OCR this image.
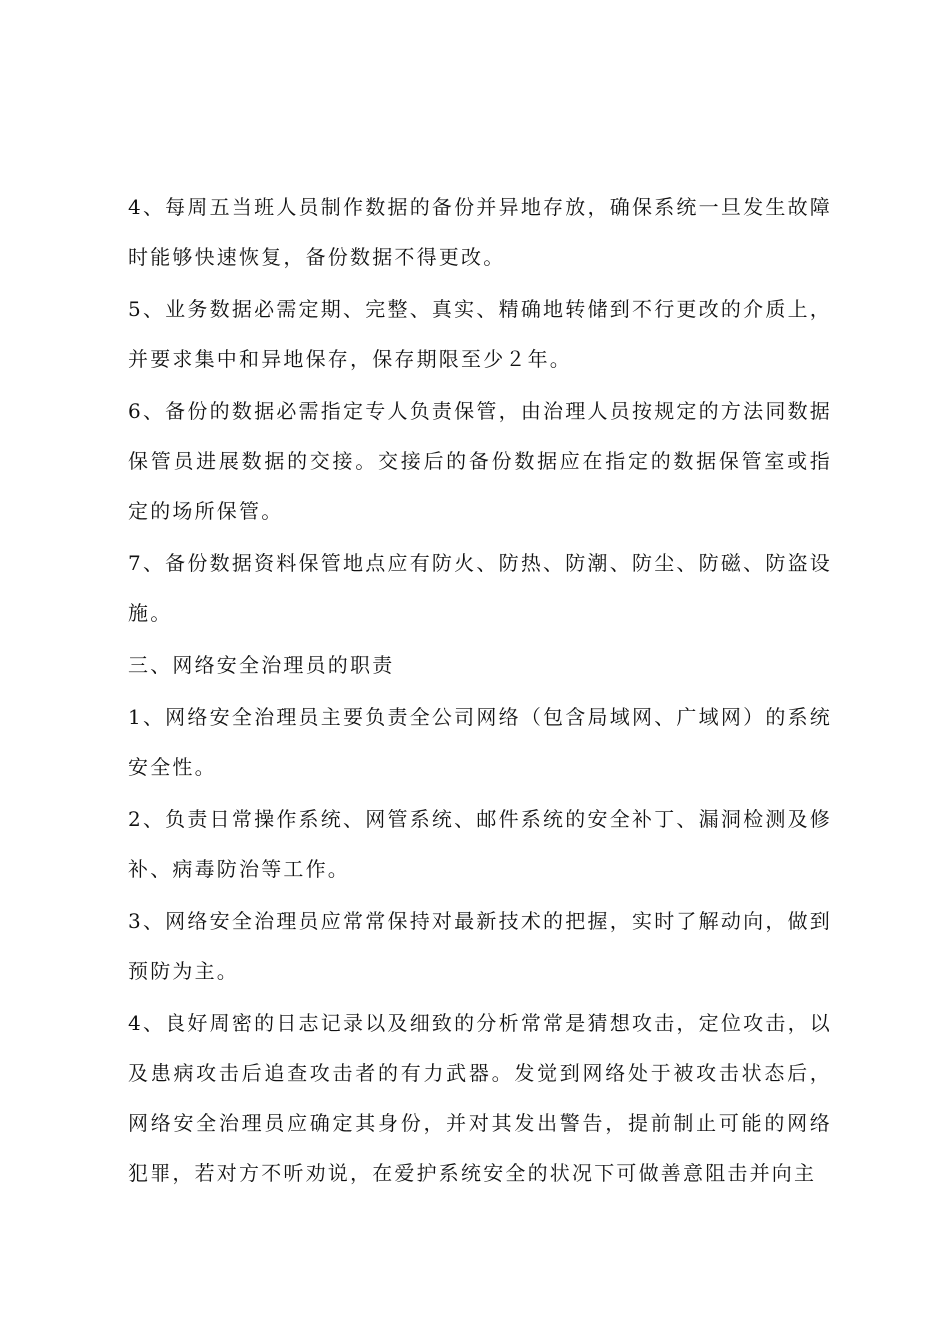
4、每周五当班人员制作数据的备份并异地存放，确保系统一旦发生故障时能够快速恢复，备份数据不得更改。

5、业务数据必需定期、完整、真实、精确地转储到不行更改的介质上，并要求集中和异地保存，保存期限至少２年。

6、备份的数据必需指定专人负责保管，由治理人员按规定的方法同数据保管员进展数据的交接。交接后的备份数据应在指定的数据保管室或指定的场所保管。

7、备份数据资料保管地点应有防火、防热、防潮、防尘、防磁、防盗设施。

三、网络安全治理员的职责

1、网络安全治理员主要负责全公司网络（包含局域网、广域网）的系统安全性。

2、负责日常操作系统、网管系统、邮件系统的安全补丁、漏洞检测及修补、病毒防治等工作。

3、网络安全治理员应常常保持对最新技术的把握，实时了解动向，做到预防为主。

4、良好周密的日志记录以及细致的分析常常是猜想攻击，定位攻击，以及患病攻击后追查攻击者的有力武器。发觉到网络处于被攻击状态后，网络安全治理员应确定其身份，并对其发出警告，提前制止可能的网络犯罪，若对方不听劝说，在爱护系统安全的状况下可做善意阻击并向主
